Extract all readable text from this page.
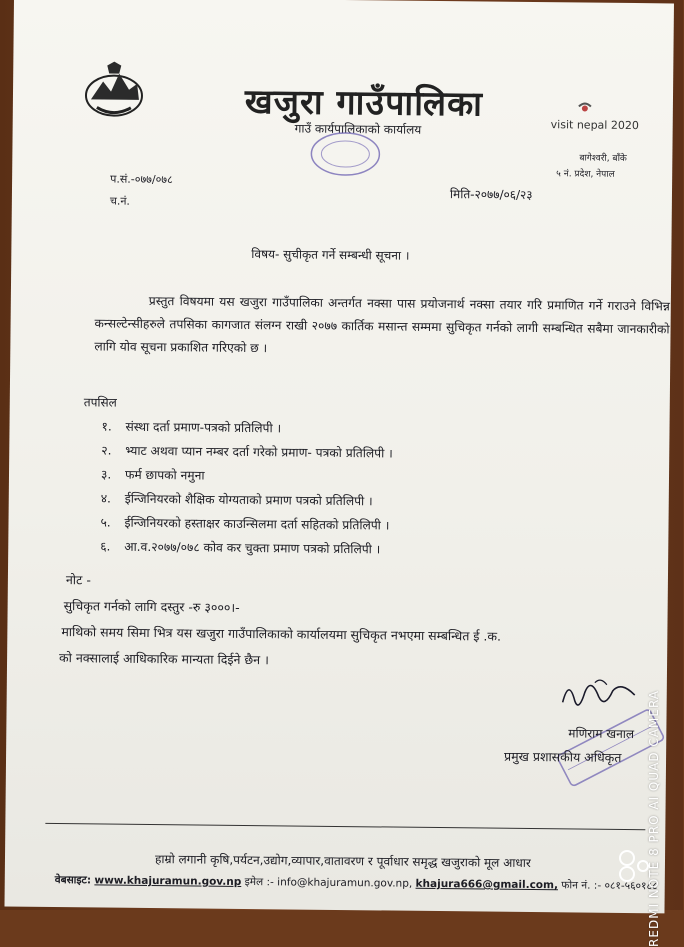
खजुरा गाउँपालिका
गाउँ कार्यपालिकाको कार्यालय	visit nepal 2020
बागेश्वरी, बाँके
५ नं. प्रदेश, नेपाल
प.सं.-०७७/०७८
च.नं.	मिति-२०७७/०६/२३
विषय- सुचीकृत गर्ने सम्बन्धी सूचना ।
प्रस्तुत विषयमा यस खजुरा गाउँपालिका अन्तर्गत नक्सा पास प्रयोजनार्थ नक्सा तयार गरि प्रमाणित गर्ने गराउने विभिन्न कन्सल्टेन्सीहरुले तपसिका कागजात संलग्न राखी २०७७ कार्तिक मसान्त सम्ममा सुचिकृत गर्नको लागी सम्बन्धित सबैमा जानकारीको लागि योव सूचना प्रकाशित गरिएको छ ।
तपसिल
१. संस्था दर्ता प्रमाण-पत्रको प्रतिलिपी ।
२. भ्याट अथवा प्यान नम्बर दर्ता गरेको प्रमाण- पत्रको प्रतिलिपी ।
३. फर्म छापको नमुना
४. ईन्जिनियरको शैक्षिक योग्यताको प्रमाण पत्रको प्रतिलिपी ।
५. ईन्जिनियरको हस्ताक्षर काउन्सिलमा दर्ता सहितको प्रतिलिपी ।
६. आ.व.२०७७/०७८ कोव कर चुक्ता प्रमाण पत्रको प्रतिलिपी ।
नोट -
सुचिकृत गर्नको लागि दस्तुर -रु ३०००।-
माथिको समय सिमा भित्र यस खजुरा गाउँपालिकाको कार्यालयमा सुचिकृत नभएमा सम्बन्धित ई .क.
को नक्सालाई आधिकारिक मान्यता दिईने छैन ।
मणिराम खनाल
प्रमुख प्रशासकीय अधिकृत
हाम्रो लगानी कृषि,पर्यटन,उद्योग,व्यापार,वातावरण र पूर्वाधार समृद्ध खजुराको मूल आधार
वेबसाइट: www.khajuramun.gov.np इमेल :- info@khajuramun.gov.np, khajura666@gmail.com, फोन नं. :- ०८१-५६०१८८
REDMI NOTE 8 PRO AI QUAD CAMERA
